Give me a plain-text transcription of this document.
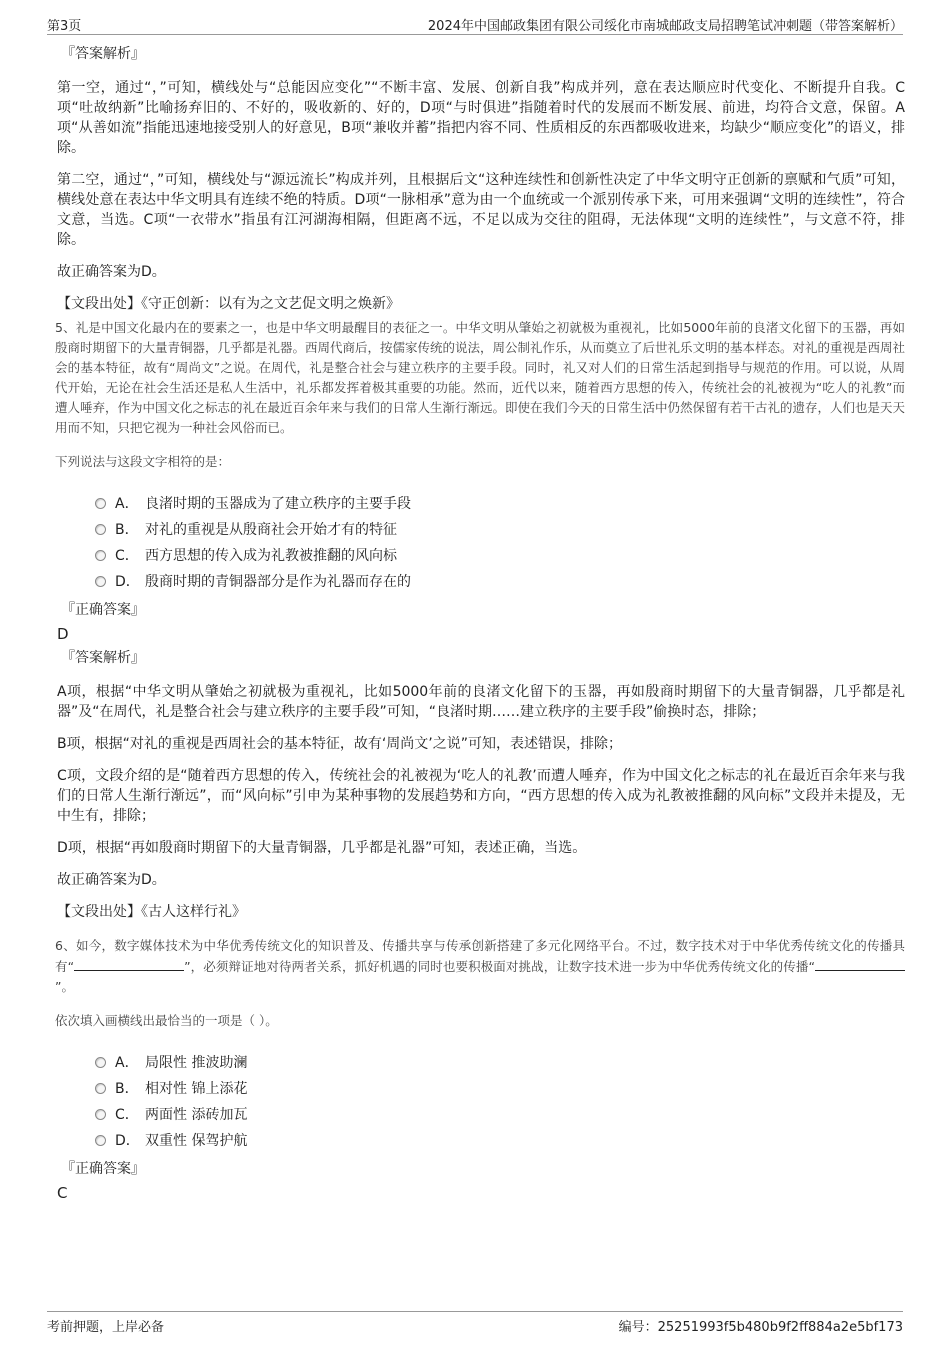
第3页	2024年中国邮政集团有限公司绥化市南城邮政支局招聘笔试冲刺题（带答案解析）
『答案解析』

第一空，通过“，”可知，横线处与“总能因应变化”“不断丰富、发展、创新自我”构成并列，意在表达顺应时代变化、不断提升自我。C项“吐故纳新”比喻扬弃旧的、不好的，吸收新的、好的，D项“与时俱进”指随着时代的发展而不断发展、前进，均符合文意，保留。A项“从善如流”指能迅速地接受别人的好意见，B项“兼收并蓄”指把内容不同、性质相反的东西都吸收进来，均缺少“顺应变化”的语义，排除。

第二空，通过“，”可知，横线处与“源远流长”构成并列，且根据后文“这种连续性和创新性决定了中华文明守正创新的禀赋和气质”可知，横线处意在表达中华文明具有连续不绝的特质。D项“一脉相承”意为由一个血统或一个派别传承下来，可用来强调“文明的连续性”，符合文意，当选。C项“一衣带水”指虽有江河湖海相隔，但距离不远，不足以成为交往的阻碍，无法体现“文明的连续性”，与文意不符，排除。

故正确答案为D。

【文段出处】《守正创新：以有为之文艺促文明之焕新》

5、礼是中国文化最内在的要素之一，也是中华文明最醒目的表征之一。中华文明从肇始之初就极为重视礼，比如5000年前的良渚文化留下的玉器，再如殷商时期留下的大量青铜器，几乎都是礼器。西周代商后，按儒家传统的说法，周公制礼作乐，从而奠立了后世礼乐文明的基本样态。对礼的重视是西周社会的基本特征，故有“周尚文”之说。在周代，礼是整合社会与建立秩序的主要手段。同时，礼又对人们的日常生活起到指导与规范的作用。可以说，从周代开始，无论在社会生活还是私人生活中，礼乐都发挥着极其重要的功能。然而，近代以来，随着西方思想的传入，传统社会的礼被视为“吃人的礼教”而遭人唾弃，作为中国文化之标志的礼在最近百余年来与我们的日常人生渐行渐远。即使在我们今天的日常生活中仍然保留有若干古礼的遗存，人们也是天天用而不知，只把它视为一种社会风俗而已。

下列说法与这段文字相符的是：

A． 良渚时期的玉器成为了建立秩序的主要手段
B． 对礼的重视是从殷商社会开始才有的特征
C． 西方思想的传入成为礼教被推翻的风向标
D． 殷商时期的青铜器部分是作为礼器而存在的
『正确答案』
D
『答案解析』

A项，根据“中华文明从肇始之初就极为重视礼，比如5000年前的良渚文化留下的玉器，再如殷商时期留下的大量青铜器，几乎都是礼器”及“在周代，礼是整合社会与建立秩序的主要手段”可知，“良渚时期……建立秩序的主要手段”偷换时态，排除；

B项，根据“对礼的重视是西周社会的基本特征，故有‘周尚文’之说”可知，表述错误，排除；

C项，文段介绍的是“随着西方思想的传入，传统社会的礼被视为‘吃人的礼教’而遭人唾弃，作为中国文化之标志的礼在最近百余年来与我们的日常人生渐行渐远”，而“风向标”引申为某种事物的发展趋势和方向，“西方思想的传入成为礼教被推翻的风向标”文段并未提及，无中生有，排除；

D项，根据“再如殷商时期留下的大量青铜器，几乎都是礼器”可知，表述正确，当选。

故正确答案为D。

【文段出处】《古人这样行礼》

6、如今，数字媒体技术为中华优秀传统文化的知识普及、传播共享与传承创新搭建了多元化网络平台。不过，数字技术对于中华优秀传统文化的传播具有“	”，必须辩证地对待两者关系，抓好机遇的同时也要积极面对挑战，让数字技术进一步为中华优秀传统文化的传播“”。

依次填入画横线出最恰当的一项是（ ）。

A． 局限性 推波助澜
B． 相对性 锦上添花
C． 两面性 添砖加瓦
D． 双重性 保驾护航
『正确答案』
C
考前押题，上岸必备	编号：25251993f5b480b9f2ff884a2e5bf173
